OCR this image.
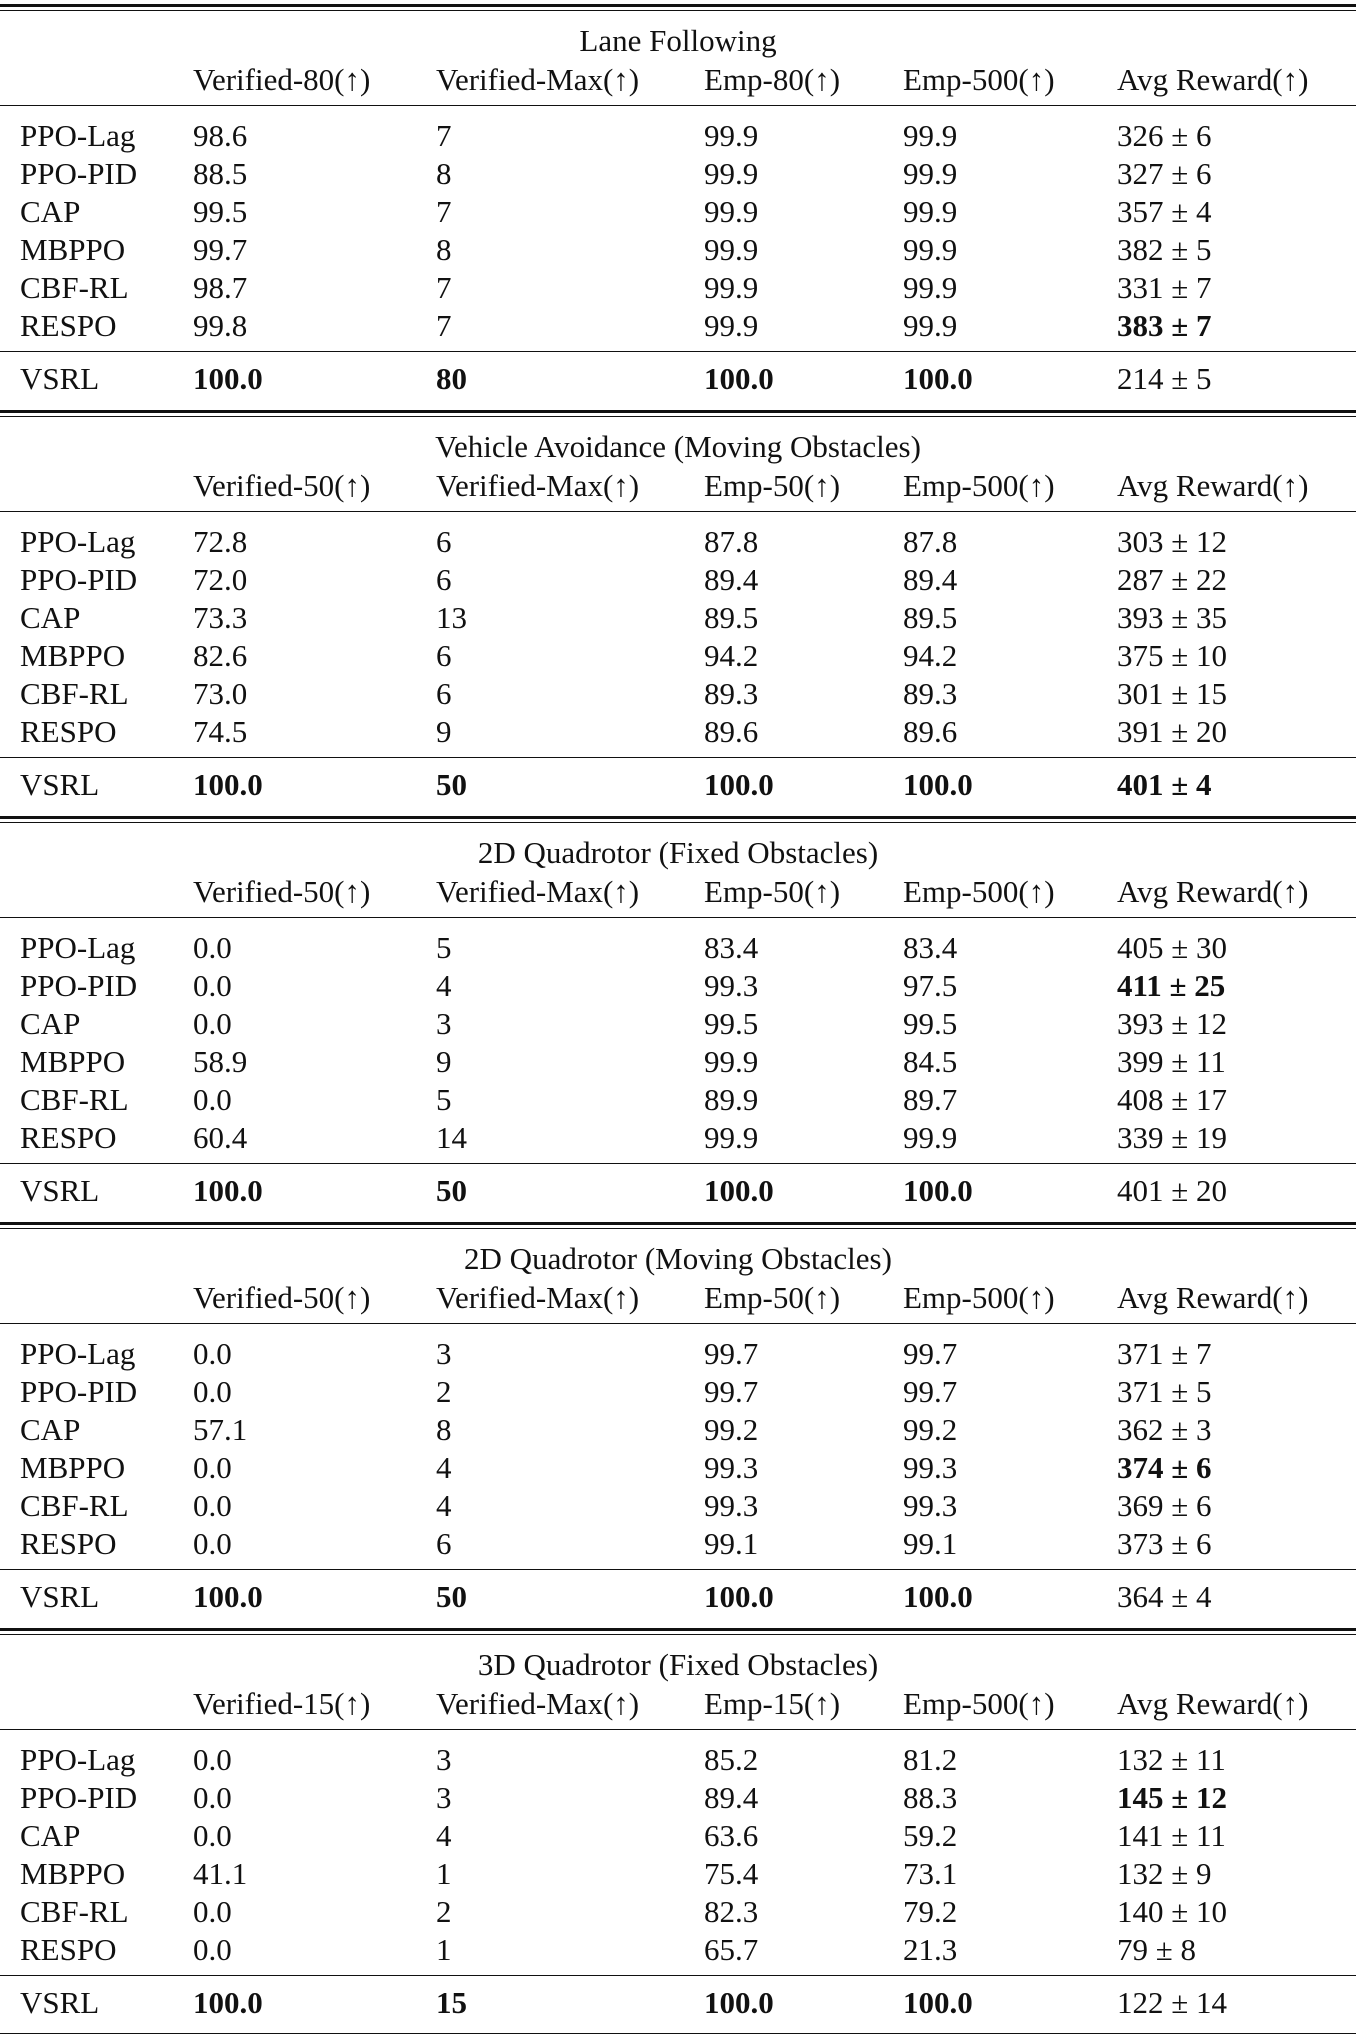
Lane Following
Verified-80(↑) Verified-Max(↑) Emp-80(↑) Emp-500(↑) Avg Reward(↑)
PPO-Lag 98.6	7	99.9	99.9	326 ± 6
PPO-PID 88.5	8	99.9	99.9	327 ± 6
CAP	99.5	7	99.9	99.9	357 ± 4
MBPPO 99.7	8	99.9	99.9	382 ± 5
CBF-RL 98.7	7	99.9	99.9	331 ± 7
RESPO 99.8	7	99.9	99.9	383 ± 7
VSRL	100.0	80	100.0	100.0	214 ± 5
Vehicle Avoidance (Moving Obstacles)
Verified-50(↑) Verified-Max(↑) Emp-50(↑) Emp-500(↑) Avg Reward(↑)
PPO-Lag 72.8	6	87.8	87.8	303 ± 12
PPO-PID 72.0	6	89.4	89.4	287 ± 22
CAP	73.3	13	89.5	89.5	393 ± 35
MBPPO 82.6	6	94.2	94.2	375 ± 10
CBF-RL 73.0	6	89.3	89.3	301 ± 15
RESPO 74.5	9	89.6	89.6	391 ± 20
VSRL	100.0	50	100.0	100.0	401 ± 4
2D Quadrotor (Fixed Obstacles)
Verified-50(↑) Verified-Max(↑) Emp-50(↑) Emp-500(↑) Avg Reward(↑)
PPO-Lag 0.0	5	83.4	83.4	405 ± 30
PPO-PID 0.0	4	99.3	97.5	411 ± 25
CAP	0.0	3	99.5	99.5	393 ± 12
MBPPO 58.9	9	99.9	84.5	399 ± 11
CBF-RL 0.0	5	89.9	89.7	408 ± 17
RESPO 60.4	14	99.9	99.9	339 ± 19
VSRL	100.0	50	100.0	100.0	401 ± 20
2D Quadrotor (Moving Obstacles)
Verified-50(↑) Verified-Max(↑) Emp-50(↑) Emp-500(↑) Avg Reward(↑)
PPO-Lag 0.0	3	99.7	99.7	371 ± 7
PPO-PID 0.0	2	99.7	99.7	371 ± 5
CAP	57.1	8	99.2	99.2	362 ± 3
MBPPO 0.0	4	99.3	99.3	374 ± 6
CBF-RL 0.0	4	99.3	99.3	369 ± 6
RESPO 0.0	6	99.1	99.1	373 ± 6
VSRL	100.0	50	100.0	100.0	364 ± 4
3D Quadrotor (Fixed Obstacles)
Verified-15(↑) Verified-Max(↑) Emp-15(↑) Emp-500(↑) Avg Reward(↑)
PPO-Lag 0.0	3	85.2	81.2	132 ± 11
PPO-PID 0.0	3	89.4	88.3	145 ± 12
CAP	0.0	4	63.6	59.2	141 ± 11
MBPPO 41.1	1	75.4	73.1	132 ± 9
CBF-RL 0.0	2	82.3	79.2	140 ± 10
RESPO 0.0	1	65.7	21.3	79 ± 8
VSRL	100.0	15	100.0	100.0	122 ± 14
